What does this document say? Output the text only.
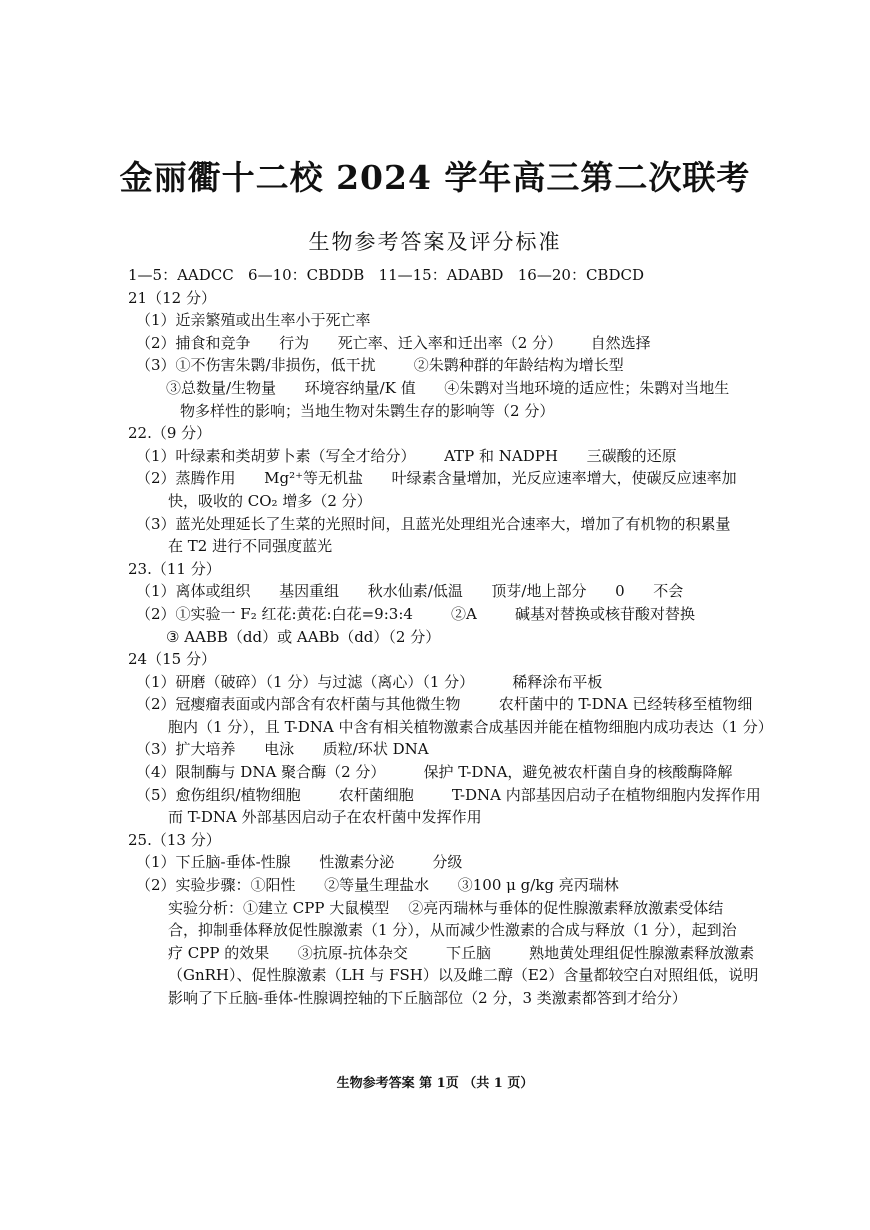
金丽衢十二校 2024 学年高三第二次联考
生物参考答案及评分标准
1—5：AADCC   6—10：CBDDB   11—15：ADABD   16—20：CBDCD
21（12 分）
（1）近亲繁殖或出生率小于死亡率
（2）捕食和竞争      行为      死亡率、迁入率和迁出率（2 分）      自然选择
（3）①不伤害朱鹮/非损伤，低干扰        ②朱鹮种群的年龄结构为增长型
③总数量/生物量      环境容纳量/K 值      ④朱鹮对当地环境的适应性；朱鹮对当地生
物多样性的影响；当地生物对朱鹮生存的影响等（2 分）
22.（9 分）
（1）叶绿素和类胡萝卜素（写全才给分）      ATP 和 NADPH      三碳酸的还原
（2）蒸腾作用      Mg²⁺等无机盐      叶绿素含量增加，光反应速率增大，使碳反应速率加
快，吸收的 CO₂ 增多（2 分）
（3）蓝光处理延长了生菜的光照时间，且蓝光处理组光合速率大，增加了有机物的积累量
在 T2 进行不同强度蓝光
23.（11 分）
（1）离体或组织      基因重组      秋水仙素/低温      顶芽/地上部分      0      不会
（2）①实验一 F₂ 红花:黄花:白花=9:3:4        ②A        碱基对替换或核苷酸对替换
③ AABB（dd）或 AABb（dd）（2 分）
24（15 分）
（1）研磨（破碎）（1 分）与过滤（离心）（1 分）        稀释涂布平板
（2）冠瘿瘤表面或内部含有农杆菌与其他微生物        农杆菌中的 T-DNA 已经转移至植物细
胞内（1 分），且 T-DNA 中含有相关植物激素合成基因并能在植物细胞内成功表达（1 分）
（3）扩大培养      电泳      质粒/环状 DNA
（4）限制酶与 DNA 聚合酶（2 分）        保护 T-DNA，避免被农杆菌自身的核酸酶降解
（5）愈伤组织/植物细胞        农杆菌细胞        T-DNA 内部基因启动子在植物细胞内发挥作用
而 T-DNA 外部基因启动子在农杆菌中发挥作用
25.（13 分）
（1）下丘脑-垂体-性腺      性激素分泌        分级
（2）实验步骤：①阳性      ②等量生理盐水      ③100 μ g/kg 亮丙瑞林
实验分析：①建立 CPP 大鼠模型    ②亮丙瑞林与垂体的促性腺激素释放激素受体结
合，抑制垂体释放促性腺激素（1 分），从而减少性激素的合成与释放（1 分），起到治
疗 CPP 的效果      ③抗原-抗体杂交        下丘脑        熟地黄处理组促性腺激素释放激素
（GnRH）、促性腺激素（LH 与 FSH）以及雌二醇（E2）含量都较空白对照组低，说明
影响了下丘脑-垂体-性腺调控轴的下丘脑部位（2 分，3 类激素都答到才给分）
生物参考答案 第 1页 （共 1 页）
